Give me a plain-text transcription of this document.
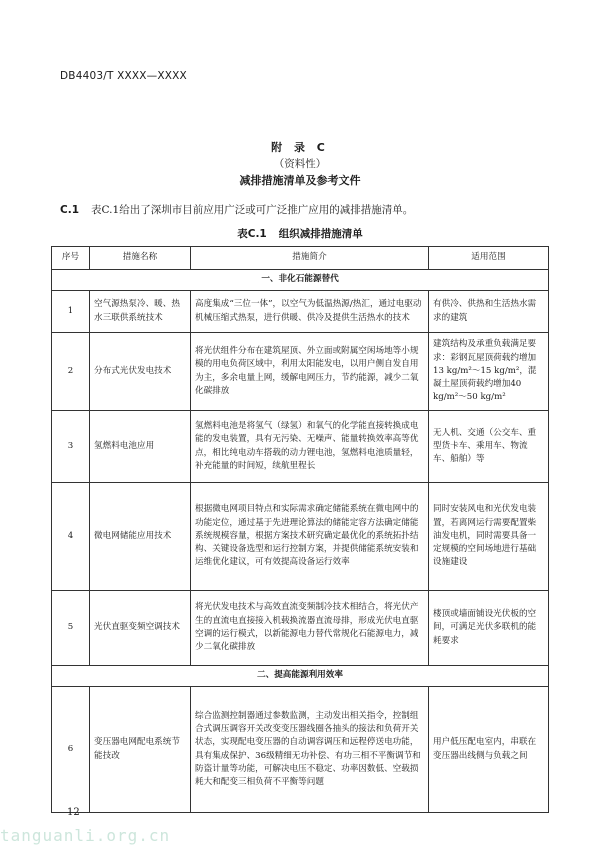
DB4403/T XXXX—XXXX
附 录 C
（资料性）
减排措施清单及参考文件
C.1 表C.1给出了深圳市目前应用广泛或可广泛推广应用的减排措施清单。
表C.1 组织减排措施清单
序号	措施名称	措施简介	适用范围
一、非化石能源替代			
1	空气源热泵冷、暖、热水三联供系统技术	高度集成“三位一体”，以空气为低温热源/热汇，通过电驱动机械压缩式热泵，进行供暖、供冷及提供生活热水的技术	有供冷、供热和生活热水需求的建筑
2	分布式光伏发电技术	将光伏组件分布在建筑屋顶、外立面或附属空闲场地等小规模的用电负荷区域中，利用太阳能发电，以用户侧自发自用为主，多余电量上网，缓解电网压力，节约能源，减少二氧化碳排放	建筑结构及承重负载满足要求：彩钢瓦屋顶荷载约增加13 kg/m²～15 kg/m²，混凝土屋顶荷载约增加40 kg/m²～50 kg/m²
3	氢燃料电池应用	氢燃料电池是将氢气（绿氢）和氧气的化学能直接转换成电能的发电装置，具有无污染、无噪声、能量转换效率高等优点，相比纯电动车搭载的动力锂电池，氢燃料电池质量轻，补充能量的时间短，续航里程长	无人机、交通（公交车、重型货卡车、乘用车、物流车、船舶）等
4	微电网储能应用技术	根据微电网项目特点和实际需求确定储能系统在微电网中的功能定位，通过基于先进理论算法的储能定容方法确定储能系统规模容量，根据方案技术研究确定最优化的系统拓扑结构、关键设备选型和运行控制方案，并提供储能系统安装和运维优化建议，可有效提高设备运行效率	同时安装风电和光伏发电装置，若离网运行需要配置柴油发电机，同时需要具备一定规模的空间场地进行基础设施建设
5	光伏直驱变频空调技术	将光伏发电技术与高效直流变频制冷技术相结合，将光伏产生的直流电直接接入机载换流器直流母排，形成光伏电直驱空调的运行模式，以新能源电力替代常规化石能源电力，减少二氧化碳排放	楼顶或墙面铺设光伏板的空间，可满足光伏多联机的能耗要求
二、提高能源利用效率			
6	变压器电网配电系统节能技改	综合监测控制器通过参数监测，主动发出相关指令，控制组合式调压调容开关改变变压器线圈各抽头的接法和负荷开关状态，实现配电变压器的自动调容调压和远程停送电功能，具有集成保护、36级精细无功补偿、有功三相不平衡调节和防盗计量等功能，可解决电压不稳定、功率因数低、空载损耗大和配变三相负荷不平衡等问题	用户低压配电室内，串联在变压器出线侧与负载之间
12
tanguanli.org.cn
